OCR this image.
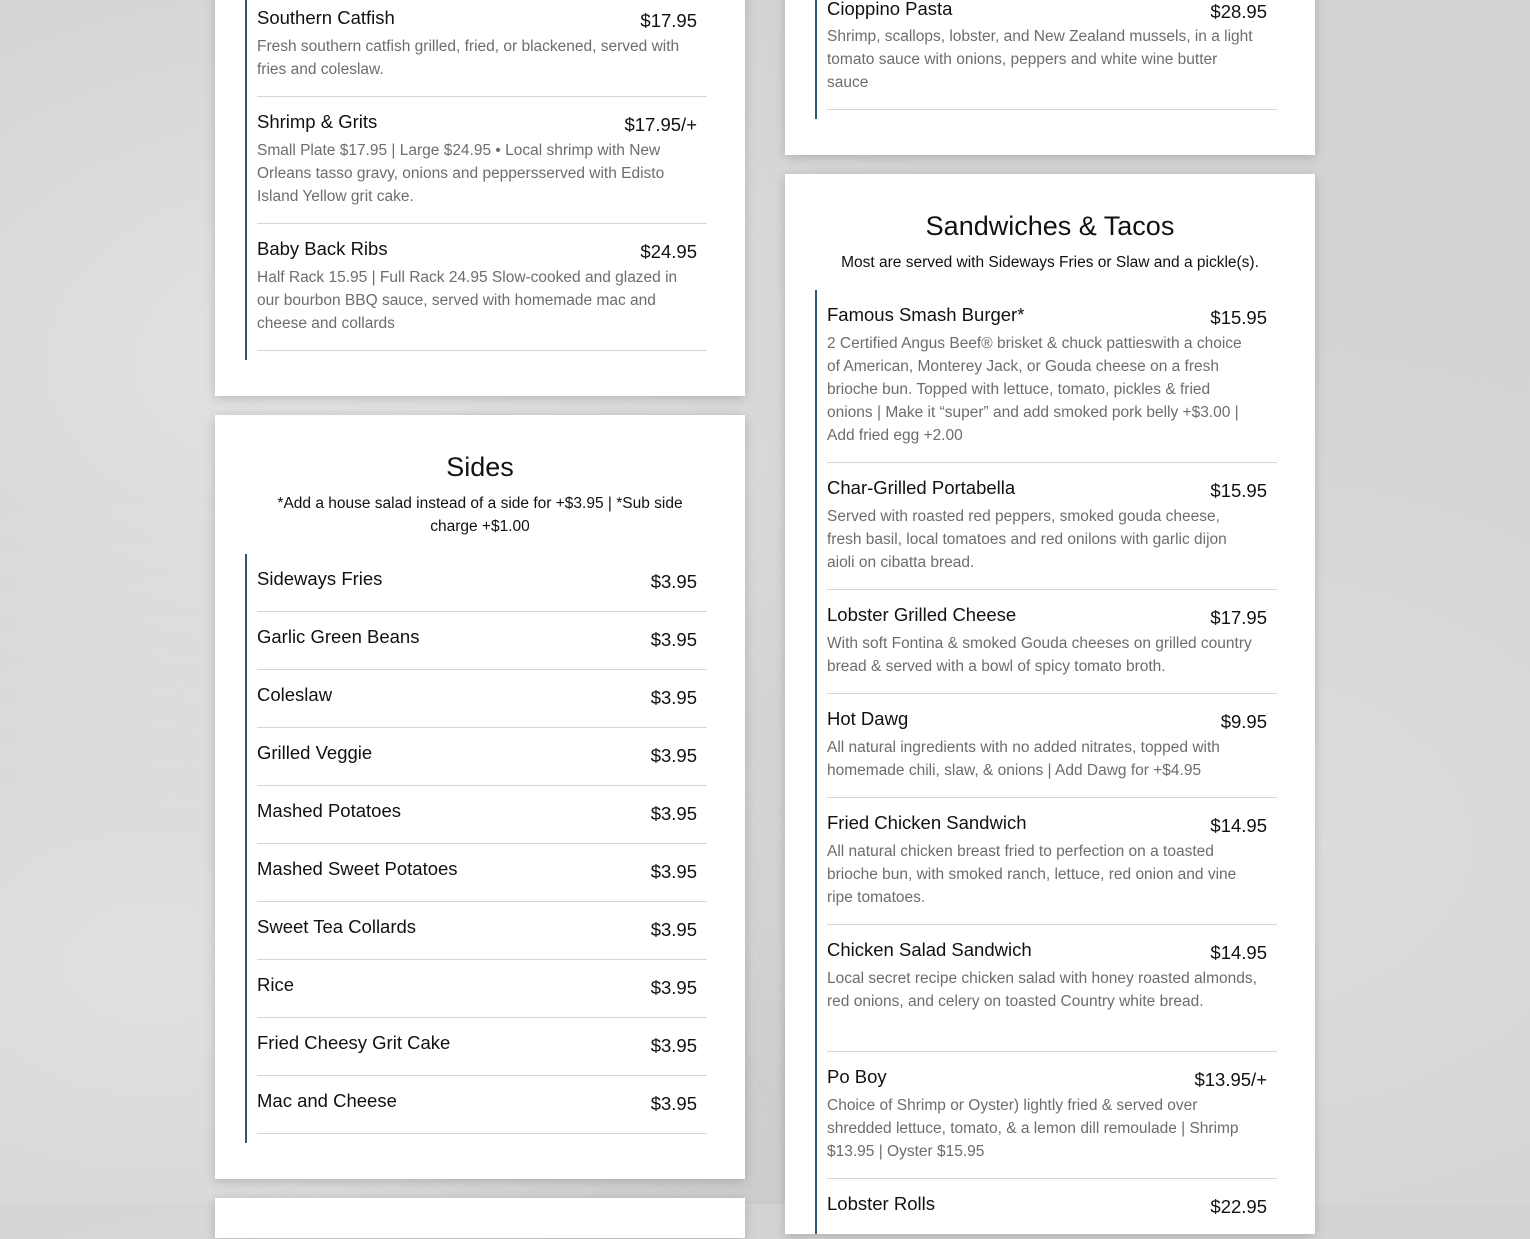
Southern Catfish	$17.95
Fresh southern catfish grilled, fried, or blackened, served with fries and coleslaw.
Shrimp & Grits	$17.95/+
Small Plate $17.95 | Large $24.95 • Local shrimp with New Orleans tasso gravy, onions and peppersserved with Edisto Island Yellow grit cake.
Baby Back Ribs	$24.95
Half Rack 15.95 | Full Rack 24.95 Slow-cooked and glazed in our bourbon BBQ sauce, served with homemade mac and cheese and collards
Sides
*Add a house salad instead of a side for +$3.95 | *Sub side charge +$1.00
Sideways Fries	$3.95
Garlic Green Beans	$3.95
Coleslaw	$3.95
Grilled Veggie	$3.95
Mashed Potatoes	$3.95
Mashed Sweet Potatoes	$3.95
Sweet Tea Collards	$3.95
Rice	$3.95
Fried Cheesy Grit Cake	$3.95
Mac and Cheese	$3.95
Cioppino Pasta	$28.95
Shrimp, scallops, lobster, and New Zealand mussels, in a light tomato sauce with onions, peppers and white wine butter sauce
Sandwiches & Tacos
Most are served with Sideways Fries or Slaw and a pickle(s).
Famous Smash Burger*	$15.95
2 Certified Angus Beef® brisket & chuck pattieswith a choice of American, Monterey Jack, or Gouda cheese on a fresh brioche bun. Topped with lettuce, tomato, pickles & fried onions | Make it “super” and add smoked pork belly +$3.00 | Add fried egg +2.00
Char-Grilled Portabella	$15.95
Served with roasted red peppers, smoked gouda cheese, fresh basil, local tomatoes and red onilons with garlic dijon aioli on cibatta bread.
Lobster Grilled Cheese	$17.95
With soft Fontina & smoked Gouda cheeses on grilled country bread & served with a bowl of spicy tomato broth.
Hot Dawg	$9.95
All natural ingredients with no added nitrates, topped with homemade chili, slaw, & onions | Add Dawg for +$4.95
Fried Chicken Sandwich	$14.95
All natural chicken breast fried to perfection on a toasted brioche bun, with smoked ranch, lettuce, red onion and vine ripe tomatoes.
Chicken Salad Sandwich	$14.95
Local secret recipe chicken salad with honey roasted almonds, red onions, and celery on toasted Country white bread.
Po Boy	$13.95/+
Choice of Shrimp or Oyster) lightly fried & served over shredded lettuce, tomato, & a lemon dill remoulade | Shrimp $13.95 | Oyster $15.95
Lobster Rolls	$22.95
